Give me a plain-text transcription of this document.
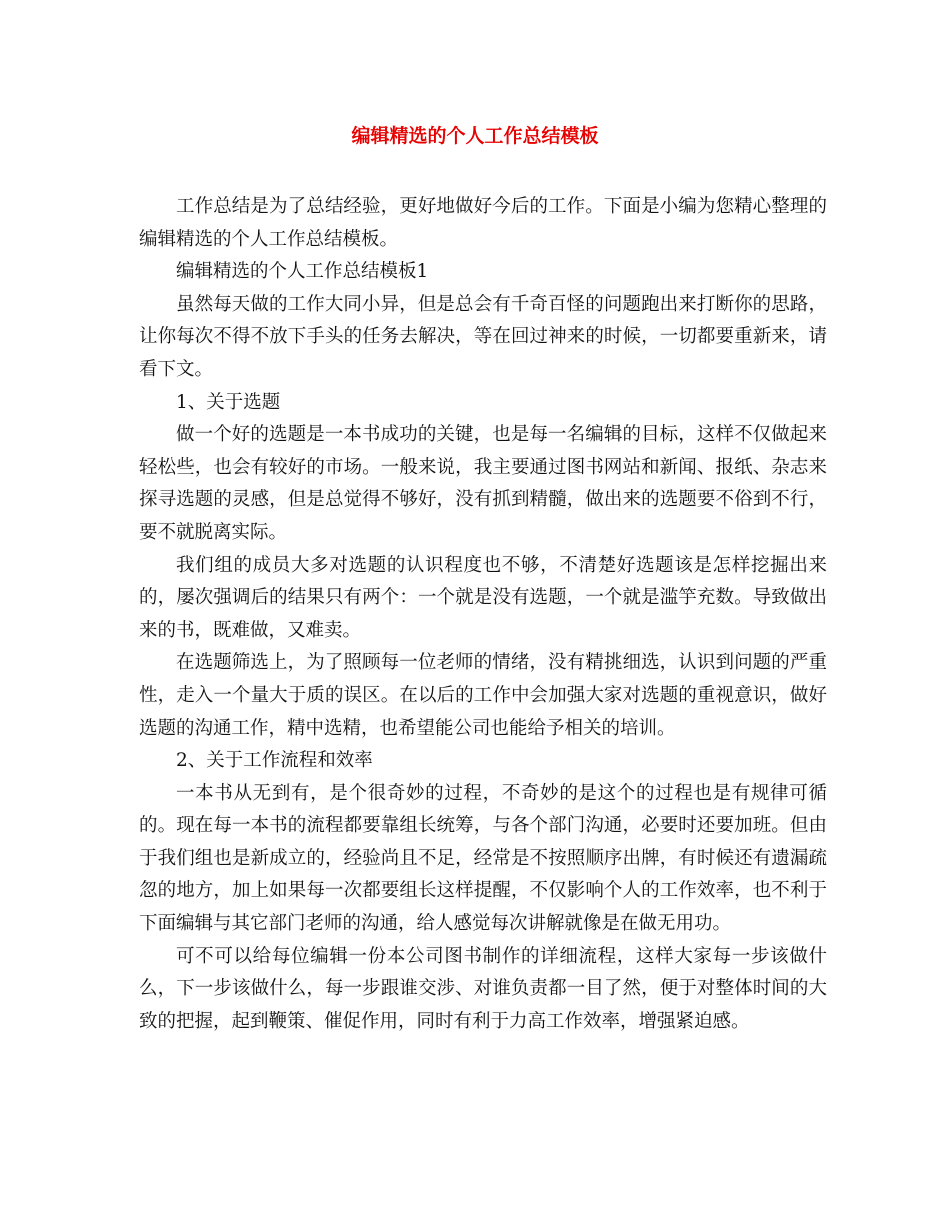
编辑精选的个人工作总结模板

工作总结是为了总结经验，更好地做好今后的工作。下面是小编为您精心整理的编辑精选的个人工作总结模板。

编辑精选的个人工作总结模板1

虽然每天做的工作大同小异，但是总会有千奇百怪的问题跑出来打断你的思路，让你每次不得不放下手头的任务去解决，等在回过神来的时候，一切都要重新来，请看下文。

1、关于选题

做一个好的选题是一本书成功的关键，也是每一名编辑的目标，这样不仅做起来轻松些，也会有较好的市场。一般来说，我主要通过图书网站和新闻、报纸、杂志来探寻选题的灵感，但是总觉得不够好，没有抓到精髓，做出来的选题要不俗到不行，要不就脱离实际。

我们组的成员大多对选题的认识程度也不够，不清楚好选题该是怎样挖掘出来的，屡次强调后的结果只有两个：一个就是没有选题，一个就是滥竽充数。导致做出来的书，既难做，又难卖。

在选题筛选上，为了照顾每一位老师的情绪，没有精挑细选，认识到问题的严重性，走入一个量大于质的误区。在以后的工作中会加强大家对选题的重视意识，做好选题的沟通工作，精中选精，也希望能公司也能给予相关的培训。

2、关于工作流程和效率

一本书从无到有，是个很奇妙的过程，不奇妙的是这个的过程也是有规律可循的。现在每一本书的流程都要靠组长统筹，与各个部门沟通，必要时还要加班。但由于我们组也是新成立的，经验尚且不足，经常是不按照顺序出牌，有时候还有遗漏疏忽的地方，加上如果每一次都要组长这样提醒，不仅影响个人的工作效率，也不利于下面编辑与其它部门老师的沟通，给人感觉每次讲解就像是在做无用功。

可不可以给每位编辑一份本公司图书制作的详细流程，这样大家每一步该做什么，下一步该做什么，每一步跟谁交涉、对谁负责都一目了然，便于对整体时间的大致的把握，起到鞭策、催促作用，同时有利于力高工作效率，增强紧迫感。
